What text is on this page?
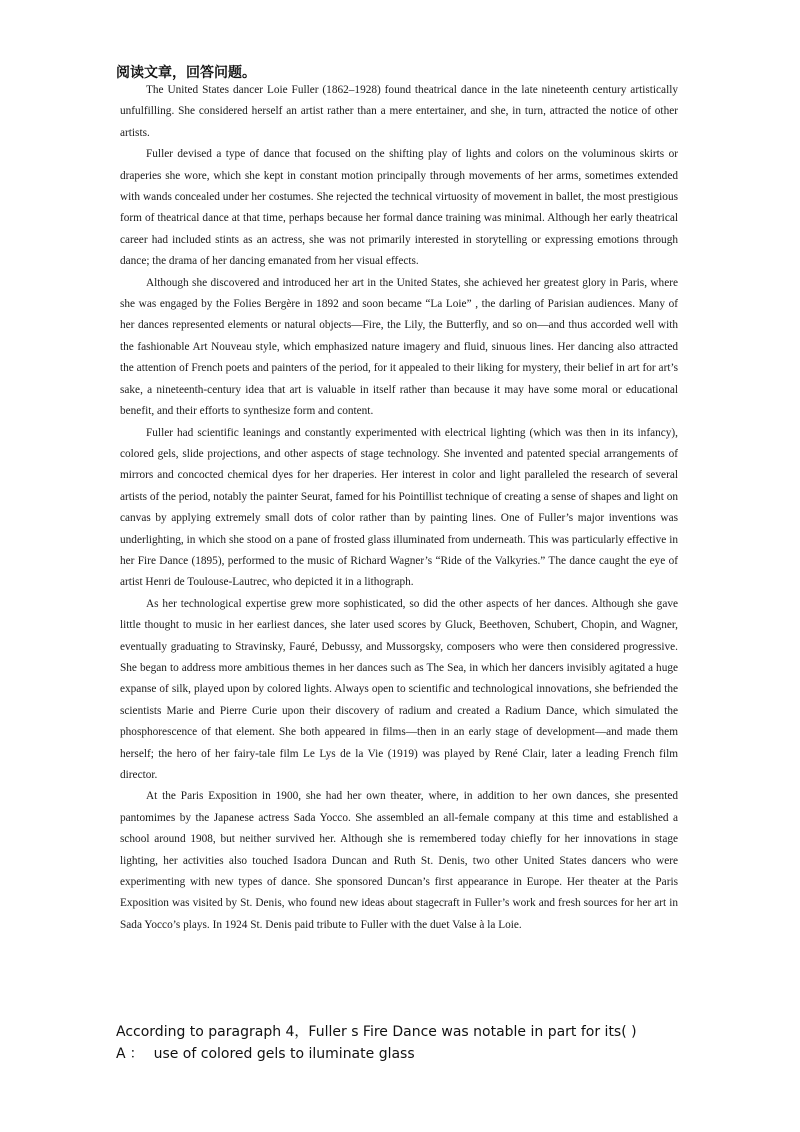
阅读文章，回答问题。

The United States dancer Loie Fuller (1862–1928) found theatrical dance in the late nineteenth century artistically unfulfilling. She considered herself an artist rather than a mere entertainer, and she, in turn, attracted the notice of other artists.

Fuller devised a type of dance that focused on the shifting play of lights and colors on the voluminous skirts or draperies she wore, which she kept in constant motion principally through movements of her arms, sometimes extended with wands concealed under her costumes. She rejected the technical virtuosity of movement in ballet, the most prestigious form of theatrical dance at that time, perhaps because her formal dance training was minimal. Although her early theatrical career had included stints as an actress, she was not primarily interested in storytelling or expressing emotions through dance; the drama of her dancing emanated from her visual effects.

Although she discovered and introduced her art in the United States, she achieved her greatest glory in Paris, where she was engaged by the Folies Bergère in 1892 and soon became “La Loie” , the darling of Parisian audiences. Many of her dances represented elements or natural objects—Fire, the Lily, the Butterfly, and so on—and thus accorded well with the fashionable Art Nouveau style, which emphasized nature imagery and fluid, sinuous lines. Her dancing also attracted the attention of French poets and painters of the period, for it appealed to their liking for mystery, their belief in art for art’s sake, a nineteenth-century idea that art is valuable in itself rather than because it may have some moral or educational benefit, and their efforts to synthesize form and content.

Fuller had scientific leanings and constantly experimented with electrical lighting (which was then in its infancy), colored gels, slide projections, and other aspects of stage technology. She invented and patented special arrangements of mirrors and concocted chemical dyes for her draperies. Her interest in color and light paralleled the research of several artists of the period, notably the painter Seurat, famed for his Pointillist technique of creating a sense of shapes and light on canvas by applying extremely small dots of color rather than by painting lines. One of Fuller’s major inventions was underlighting, in which she stood on a pane of frosted glass illuminated from underneath. This was particularly effective in her Fire Dance (1895), performed to the music of Richard Wagner’s “Ride of the Valkyries.” The dance caught the eye of artist Henri de Toulouse-Lautrec, who depicted it in a lithograph.

As her technological expertise grew more sophisticated, so did the other aspects of her dances. Although she gave little thought to music in her earliest dances, she later used scores by Gluck, Beethoven, Schubert, Chopin, and Wagner, eventually graduating to Stravinsky, Fauré, Debussy, and Mussorgsky, composers who were then considered progressive. She began to address more ambitious themes in her dances such as The Sea, in which her dancers invisibly agitated a huge expanse of silk, played upon by colored lights. Always open to scientific and technological innovations, she befriended the scientists Marie and Pierre Curie upon their discovery of radium and created a Radium Dance, which simulated the phosphorescence of that element. She both appeared in films—then in an early stage of development—and made them herself; the hero of her fairy-tale film Le Lys de la Vie (1919) was played by René Clair, later a leading French film director.

At the Paris Exposition in 1900, she had her own theater, where, in addition to her own dances, she presented pantomimes by the Japanese actress Sada Yocco. She assembled an all-female company at this time and established a school around 1908, but neither survived her. Although she is remembered today chiefly for her innovations in stage lighting, her activities also touched Isadora Duncan and Ruth St. Denis, two other United States dancers who were experimenting with new types of dance. She sponsored Duncan’s first appearance in Europe. Her theater at the Paris Exposition was visited by St. Denis, who found new ideas about stagecraft in Fuller’s work and fresh sources for her art in Sada Yocco’s plays. In 1924 St. Denis paid tribute to Fuller with the duet Valse à la Loie.

According to paragraph 4，Fuller s Fire Dance was notable in part for its( )
A ： use of colored gels to iluminate glass
